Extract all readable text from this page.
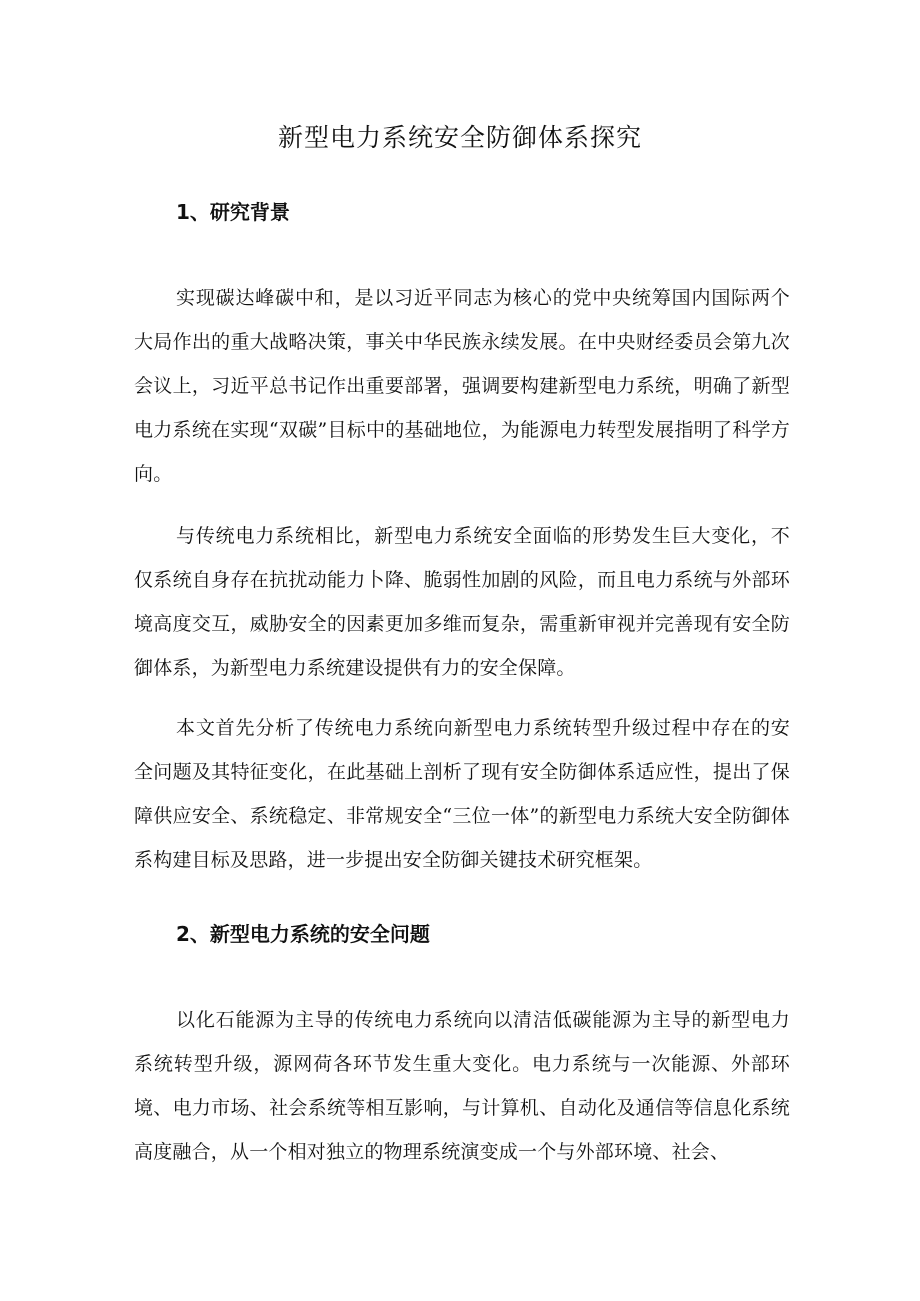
新型电力系统安全防御体系探究
1、研究背景

实现碳达峰碳中和，是以习近平同志为核心的党中央统筹国内国际两个大局作出的重大战略决策，事关中华民族永续发展。在中央财经委员会第九次会议上，习近平总书记作出重要部署，强调要构建新型电力系统，明确了新型电力系统在实现“双碳”目标中的基础地位，为能源电力转型发展指明了科学方向。

与传统电力系统相比，新型电力系统安全面临的形势发生巨大变化，不仅系统自身存在抗扰动能力卜降、脆弱性加剧的风险，而且电力系统与外部环境高度交互，威胁安全的因素更加多维而复杂，需重新审视并完善现有安全防御体系，为新型电力系统建设提供有力的安全保障。

本文首先分析了传统电力系统向新型电力系统转型升级过程中存在的安全问题及其特征变化，在此基础上剖析了现有安全防御体系适应性，提出了保障供应安全、系统稳定、非常规安全“三位一体”的新型电力系统大安全防御体系构建目标及思路，进一步提出安全防御关键技术研究框架。

2、新型电力系统的安全问题

以化石能源为主导的传统电力系统向以清洁低碳能源为主导的新型电力系统转型升级，源网荷各环节发生重大变化。电力系统与一次能源、外部环境、电力市场、社会系统等相互影响，与计算机、自动化及通信等信息化系统高度融合，从一个相对独立的物理系统演变成一个与外部环境、社会、
